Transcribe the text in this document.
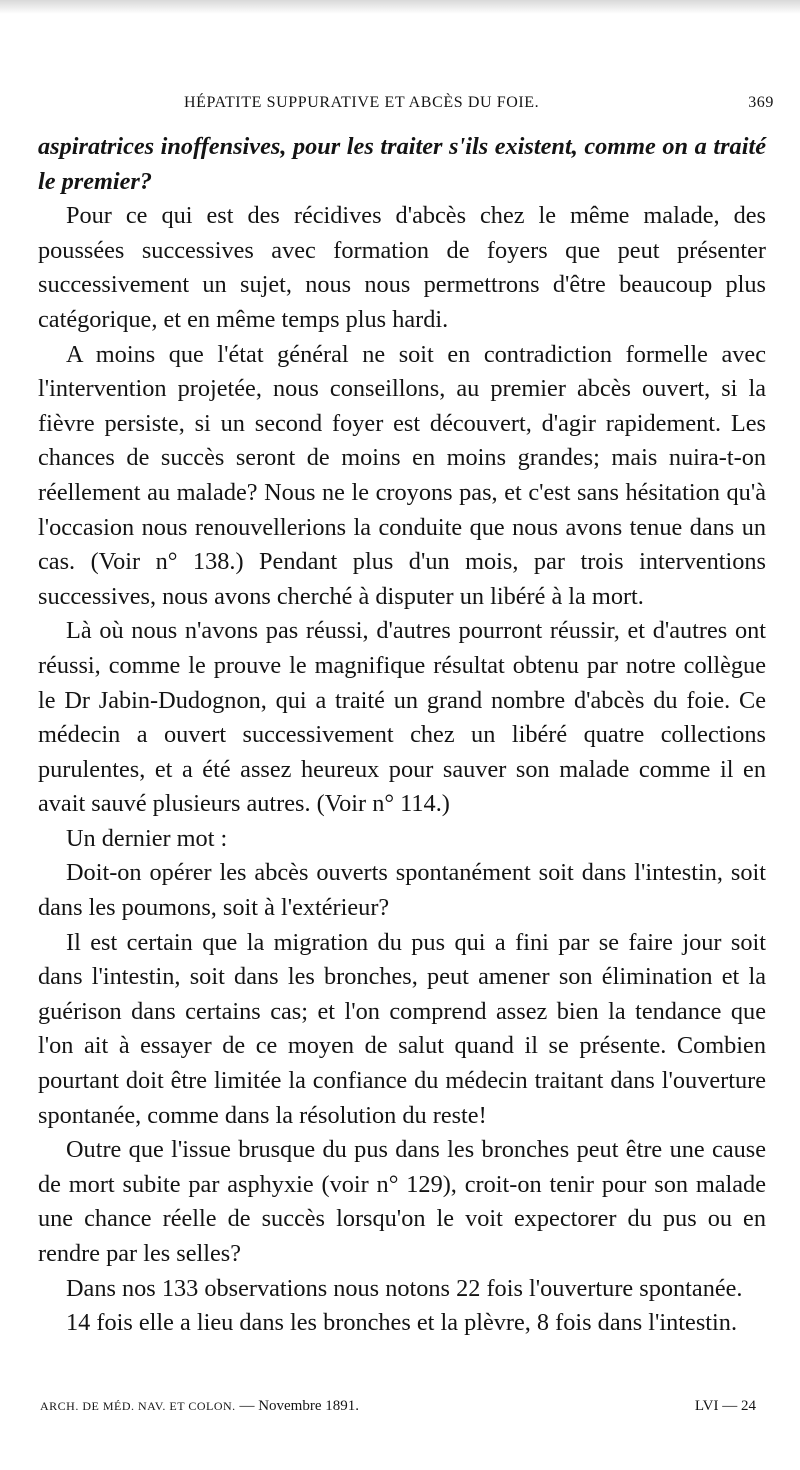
HÉPATITE SUPPURATIVE ET ABCÈS DU FOIE.	369

aspiratrices inoffensives, pour les traiter s'ils existent, comme on a traité le premier?

Pour ce qui est des récidives d'abcès chez le même malade, des poussées successives avec formation de foyers que peut présenter successivement un sujet, nous nous permettrons d'être beaucoup plus catégorique, et en même temps plus hardi.

A moins que l'état général ne soit en contradiction formelle avec l'intervention projetée, nous conseillons, au premier abcès ouvert, si la fièvre persiste, si un second foyer est découvert, d'agir rapidement. Les chances de succès seront de moins en moins grandes; mais nuira-t-on réellement au malade? Nous ne le croyons pas, et c'est sans hésitation qu'à l'occasion nous renouvellerions la conduite que nous avons tenue dans un cas. (Voir n° 138.) Pendant plus d'un mois, par trois interventions successives, nous avons cherché à disputer un libéré à la mort.

Là où nous n'avons pas réussi, d'autres pourront réussir, et d'autres ont réussi, comme le prouve le magnifique résultat obtenu par notre collègue le Dr Jabin-Dudognon, qui a traité un grand nombre d'abcès du foie. Ce médecin a ouvert successivement chez un libéré quatre collections purulentes, et a été assez heureux pour sauver son malade comme il en avait sauvé plusieurs autres. (Voir n° 114.)

Un dernier mot :

Doit-on opérer les abcès ouverts spontanément soit dans l'intestin, soit dans les poumons, soit à l'extérieur?

Il est certain que la migration du pus qui a fini par se faire jour soit dans l'intestin, soit dans les bronches, peut amener son élimination et la guérison dans certains cas; et l'on comprend assez bien la tendance que l'on ait à essayer de ce moyen de salut quand il se présente. Combien pourtant doit être limitée la confiance du médecin traitant dans l'ouverture spontanée, comme dans la résolution du reste!

Outre que l'issue brusque du pus dans les bronches peut être une cause de mort subite par asphyxie (voir n° 129), croit-on tenir pour son malade une chance réelle de succès lorsqu'on le voit expectorer du pus ou en rendre par les selles?

Dans nos 133 observations nous notons 22 fois l'ouverture spontanée.

14 fois elle a lieu dans les bronches et la plèvre, 8 fois dans l'intestin.

ARCH. DE MÉD. NAV. ET COLON. — Novembre 1891.	LVI — 24
